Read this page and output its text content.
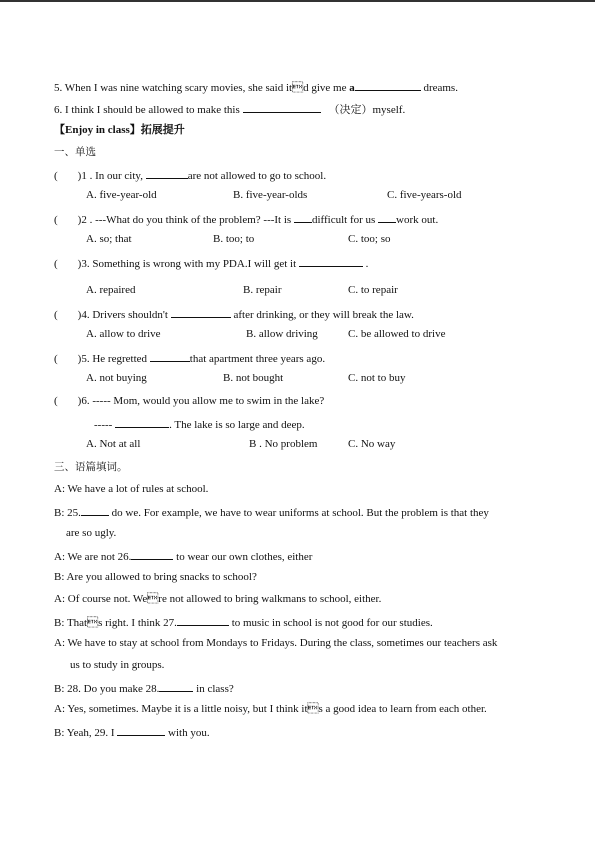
5. When I was nine watching scary movies, she said itd give me a	dreams.
6. I think I should be allowed to make this	（决定）myself.
【Enjoy in class】拓展提升
一、单选
( )1 . In our city,	are not allowed to go to school.
A. five-year-old	B. five-year-olds	C. five-years-old
( )2 . ---What do you think of the problem? ---It is difficult for us work out.
A. so; that	B. too; to	C. too; so
( )3. Something is wrong with my PDA.I will get it	.
A. repaired	B. repair	C. to repair
( )4. Drivers shouldn't	after drinking, or they will break the law.
A. allow to drive	B. allow driving	C. be allowed to drive
( )5. He regretted	that apartment three years ago.
A. not buying	B. not bought	C. not to buy
( )6. ----- Mom, would you allow me to swim in the lake?
-----	. The lake is so large and deep.
A. Not at all	B . No problem	C. No way
三、语篇填词。
A: We have a lot of rules at school.
B: 25.	do we. For example, we have to wear uniforms at school. But the problem is that they
are so ugly.
A: We are not 26.	to wear our own clothes, either
B: Are you allowed to bring snacks to school?
A: Of course not. Were not allowed to bring walkmans to school, either.
B: Thats right. I think 27.	to music in school is not good for our studies.
A: We have to stay at school from Mondays to Fridays. During the class, sometimes our teachers ask
us to study in groups.
B: 28. Do you make 28.	in class?
A: Yes, sometimes. Maybe it is a little noisy, but I think its a good idea to learn from each other.
B: Yeah, 29. I	with you.
